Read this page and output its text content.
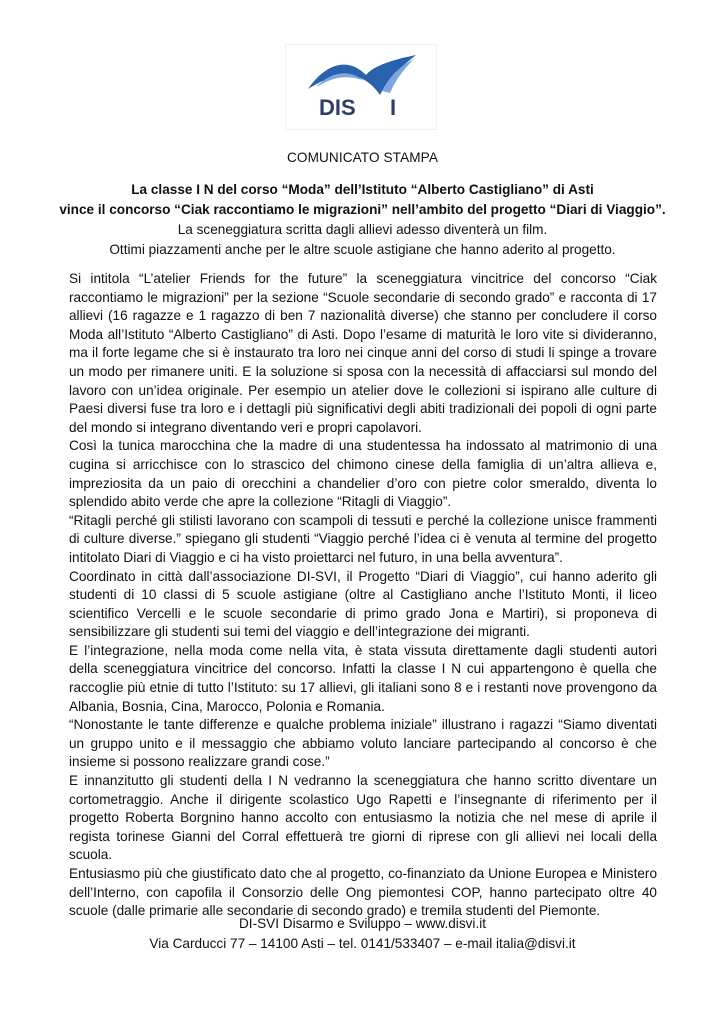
DIS I
COMUNICATO STAMPA
La classe I N del corso “Moda” dell’Istituto “Alberto Castigliano” di Asti
vince il concorso “Ciak raccontiamo le migrazioni” nell’ambito del progetto “Diari di Viaggio”.
La sceneggiatura scritta dagli allievi adesso diventerà un film.
Ottimi piazzamenti anche per le altre scuole astigiane che hanno aderito al progetto.

Si intitola “L’atelier Friends for the future” la sceneggiatura vincitrice del concorso “Ciak raccontiamo le migrazioni” per la sezione “Scuole secondarie di secondo grado” e racconta di 17 allievi (16 ragazze e 1 ragazzo di ben 7 nazionalità diverse) che stanno per concludere il corso Moda all’Istituto “Alberto Castigliano” di Asti. Dopo l’esame di maturità le loro vite si divideranno, ma il forte legame che si è instaurato tra loro nei cinque anni del corso di studi li spinge a trovare un modo per rimanere uniti. E la soluzione si sposa con la necessità di affacciarsi sul mondo del lavoro con un’idea originale. Per esempio un atelier dove le collezioni si ispirano alle culture di Paesi diversi fuse tra loro e i dettagli più significativi degli abiti tradizionali dei popoli di ogni parte del mondo si integrano diventando veri e propri capolavori.

Così la tunica marocchina che la madre di una studentessa ha indossato al matrimonio di una cugina si arricchisce con lo strascico del chimono cinese della famiglia di un’altra allieva e, impreziosita da un paio di orecchini a chandelier d’oro con pietre color smeraldo, diventa lo splendido abito verde che apre la collezione “Ritagli di Viaggio”.

“Ritagli perché gli stilisti lavorano con scampoli di tessuti e perché la collezione unisce frammenti di culture diverse.” spiegano gli studenti “Viaggio perché l’idea ci è venuta al termine del progetto intitolato Diari di Viaggio e ci ha visto proiettarci nel futuro, in una bella avventura”.

Coordinato in città dall’associazione DI-SVI, il Progetto “Diari di Viaggio”, cui hanno aderito gli studenti di 10 classi di 5 scuole astigiane (oltre al Castigliano anche l’Istituto Monti, il liceo scientifico Vercelli e le scuole secondarie di primo grado Jona e Martiri), si proponeva di sensibilizzare gli studenti sui temi del viaggio e dell’integrazione dei migranti.

E l’integrazione, nella moda come nella vita, è stata vissuta direttamente dagli studenti autori della sceneggiatura vincitrice del concorso. Infatti la classe I N cui appartengono è quella che raccoglie più etnie di tutto l’Istituto: su 17 allievi, gli italiani sono 8 e i restanti nove provengono da Albania, Bosnia, Cina, Marocco, Polonia e Romania.

“Nonostante le tante differenze e qualche problema iniziale” illustrano i ragazzi “Siamo diventati un gruppo unito e il messaggio che abbiamo voluto lanciare partecipando al concorso è che insieme si possono realizzare grandi cose.”

E innanzitutto gli studenti della I N vedranno la sceneggiatura che hanno scritto diventare un cortometraggio. Anche il dirigente scolastico Ugo Rapetti e l’insegnante di riferimento per il progetto Roberta Borgnino hanno accolto con entusiasmo la notizia che nel mese di aprile il regista torinese Gianni del Corral effettuerà tre giorni di riprese con gli allievi nei locali della scuola.

Entusiasmo più che giustificato dato che al progetto, co-finanziato da Unione Europea e Ministero dell’Interno, con capofila il Consorzio delle Ong piemontesi COP, hanno partecipato oltre 40 scuole (dalle primarie alle secondarie di secondo grado) e tremila studenti del Piemonte.

DI-SVI Disarmo e Sviluppo – www.disvi.it
Via Carducci 77 – 14100 Asti – tel. 0141/533407 – e-mail italia@disvi.it
